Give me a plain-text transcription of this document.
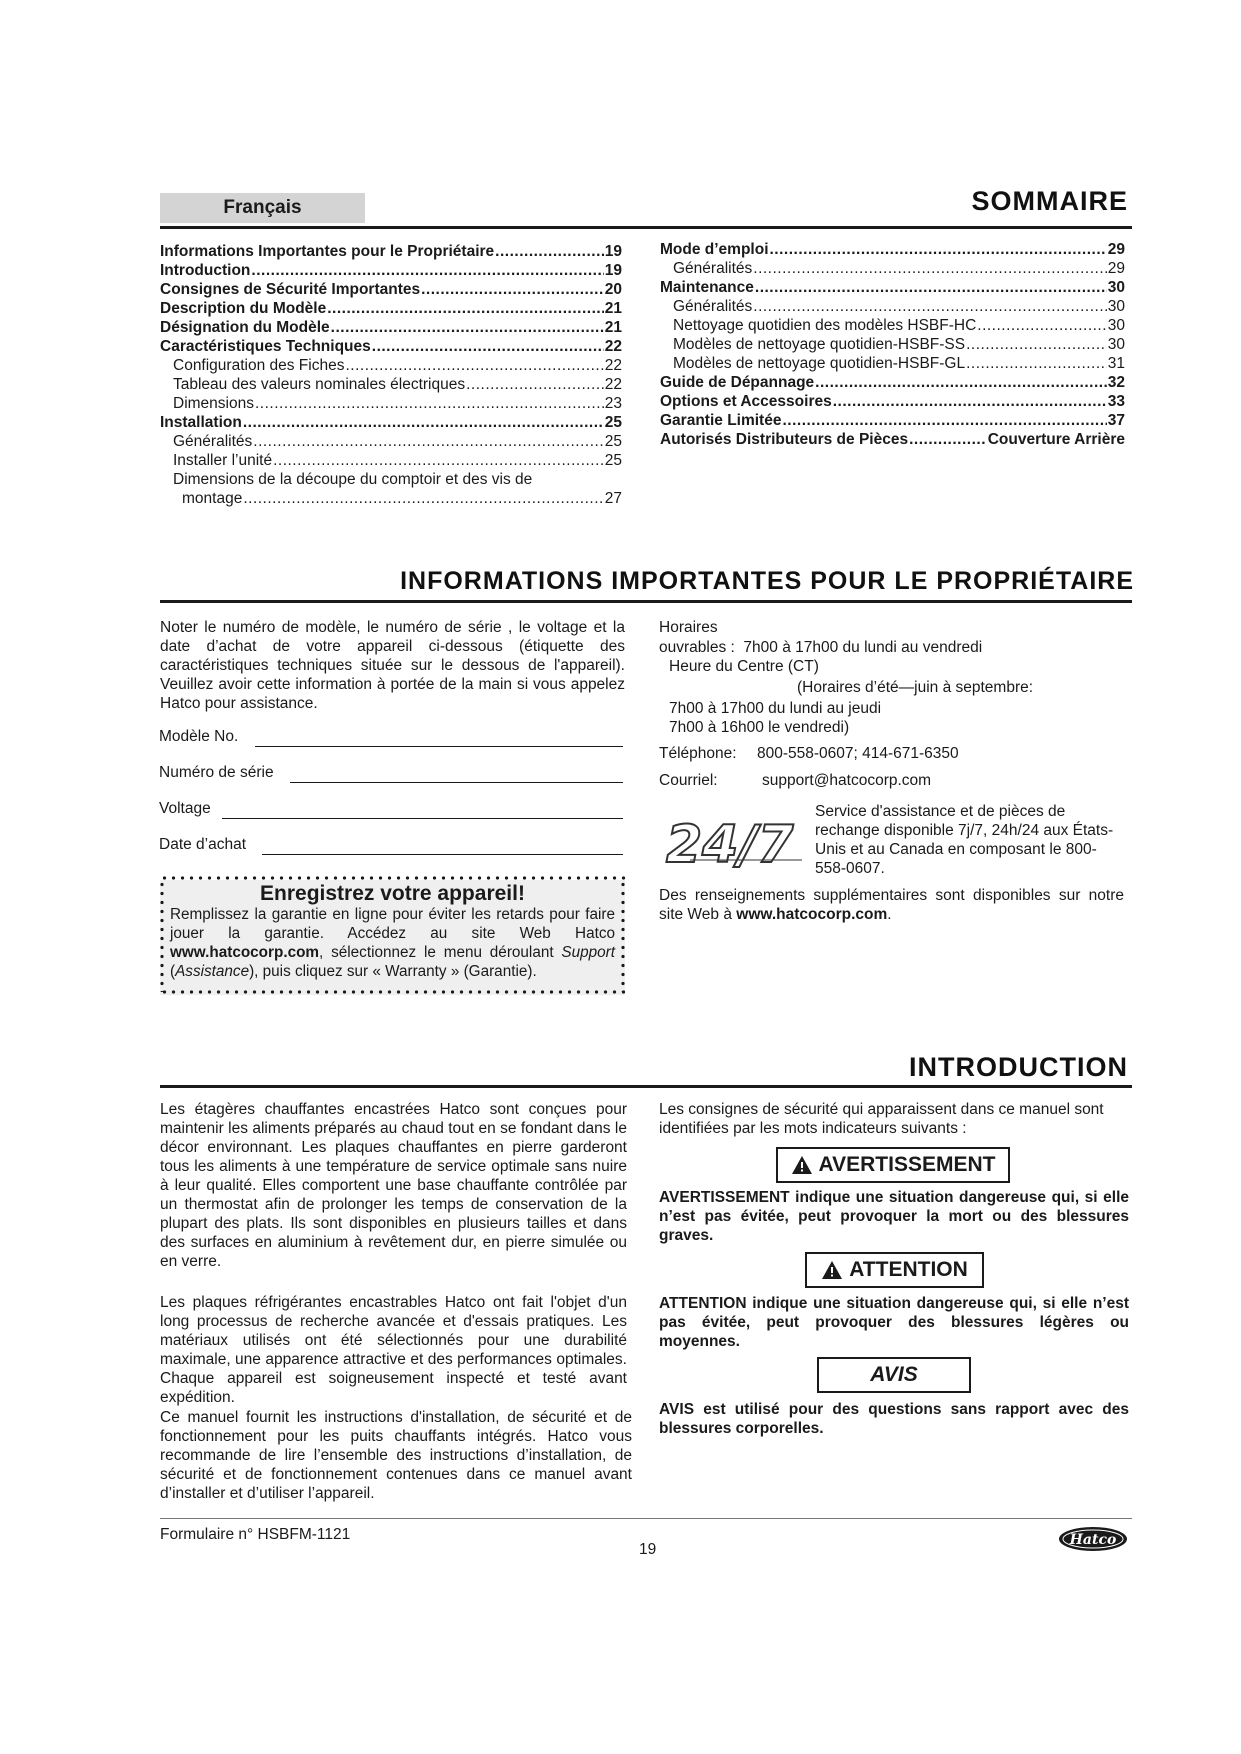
Français	SOMMAIRE
Informations Importantes pour le Propriétaire .....	19
Introduction .....	19
Consignes de Sécurité Importantes .....	20
Description du Modèle .....	21
Désignation du Modèle .....	21
Caractéristiques Techniques .....	22
Configuration des Fiches .....	22
Tableau des valeurs nominales électriques .....	22
Dimensions .....	23
Installation .....	25
Généralités .....	25
Installer l’unité .....	25
Dimensions de la découpe du comptoir et des vis de
montage .....	27
Mode d’emploi .....	29
Généralités .....	29
Maintenance .....	30
Généralités .....	30
Nettoyage quotidien des modèles HSBF-HC .....	30
Modèles de nettoyage quotidien-HSBF-SS .....	30
Modèles de nettoyage quotidien-HSBF-GL .....	31
Guide de Dépannage .....	32
Options et Accessoires .....	33
Garantie Limitée .....	37
Autorisés Distributeurs de Pièces .....	Couverture Arrière
INFORMATIONS IMPORTANTES POUR LE PROPRIÉTAIRE
Noter le numéro de modèle, le numéro de série , le voltage et la date d’achat de votre appareil ci-dessous (étiquette des caractéristiques techniques située sur le dessous de l'appareil). Veuillez avoir cette information à portée de la main si vous appelez Hatco pour assistance.
Modèle No.
Numéro de série
Voltage
Date d’achat
Enregistrez votre appareil!
Remplissez la garantie en ligne pour éviter les retards pour faire jouer la garantie. Accédez au site Web Hatco www.hatcocorp.com, sélectionnez le menu déroulant Support (Assistance), puis cliquez sur « Warranty » (Garantie).
Horaires
ouvrables :  7h00 à 17h00 du lundi au vendredi
Heure du Centre (CT)
(Horaires d’été—juin à septembre:
7h00 à 17h00 du lundi au jeudi
7h00 à 16h00 le vendredi)
Téléphone: 800-558-0607; 414-671-6350
Courriel:	support@hatcocorp.com
24/7
Service d'assistance et de pièces de rechange disponible 7j/7, 24h/24 aux États-Unis et au Canada en composant le 800-558-0607.
Des renseignements supplémentaires sont disponibles sur notre site Web à www.hatcocorp.com.
INTRODUCTION
Les étagères chauffantes encastrées Hatco sont conçues pour maintenir les aliments préparés au chaud tout en se fondant dans le décor environnant. Les plaques chauffantes en pierre garderont tous les aliments à une température de service optimale sans nuire à leur qualité. Elles comportent une base chauffante contrôlée par un thermostat afin de prolonger les temps de conservation de la plupart des plats. Ils sont disponibles en plusieurs tailles et dans des surfaces en aluminium à revêtement dur, en pierre simulée ou en verre.
Les plaques réfrigérantes encastrables Hatco ont fait l'objet d'un long processus de recherche avancée et d'essais pratiques. Les matériaux utilisés ont été sélectionnés pour une durabilité maximale, une apparence attractive et des performances optimales. Chaque appareil est soigneusement inspecté et testé avant expédition.
Ce manuel fournit les instructions d'installation, de sécurité et de fonctionnement pour les puits chauffants intégrés. Hatco vous recommande de lire l’ensemble des instructions d’installation, de sécurité et de fonctionnement contenues dans ce manuel avant d’installer et d’utiliser l’appareil.
Les consignes de sécurité qui apparaissent dans ce manuel sont identifiées par les mots indicateurs suivants :
AVERTISSEMENT
AVERTISSEMENT indique une situation dangereuse qui, si elle n’est pas évitée, peut provoquer la mort ou des blessures graves.
ATTENTION
ATTENTION indique une situation dangereuse qui, si elle n’est pas évitée, peut provoquer des blessures légères ou moyennes.
AVIS
AVIS est utilisé pour des questions sans rapport avec des blessures corporelles.
Formulaire n° HSBFM-1121
19
Hatco
